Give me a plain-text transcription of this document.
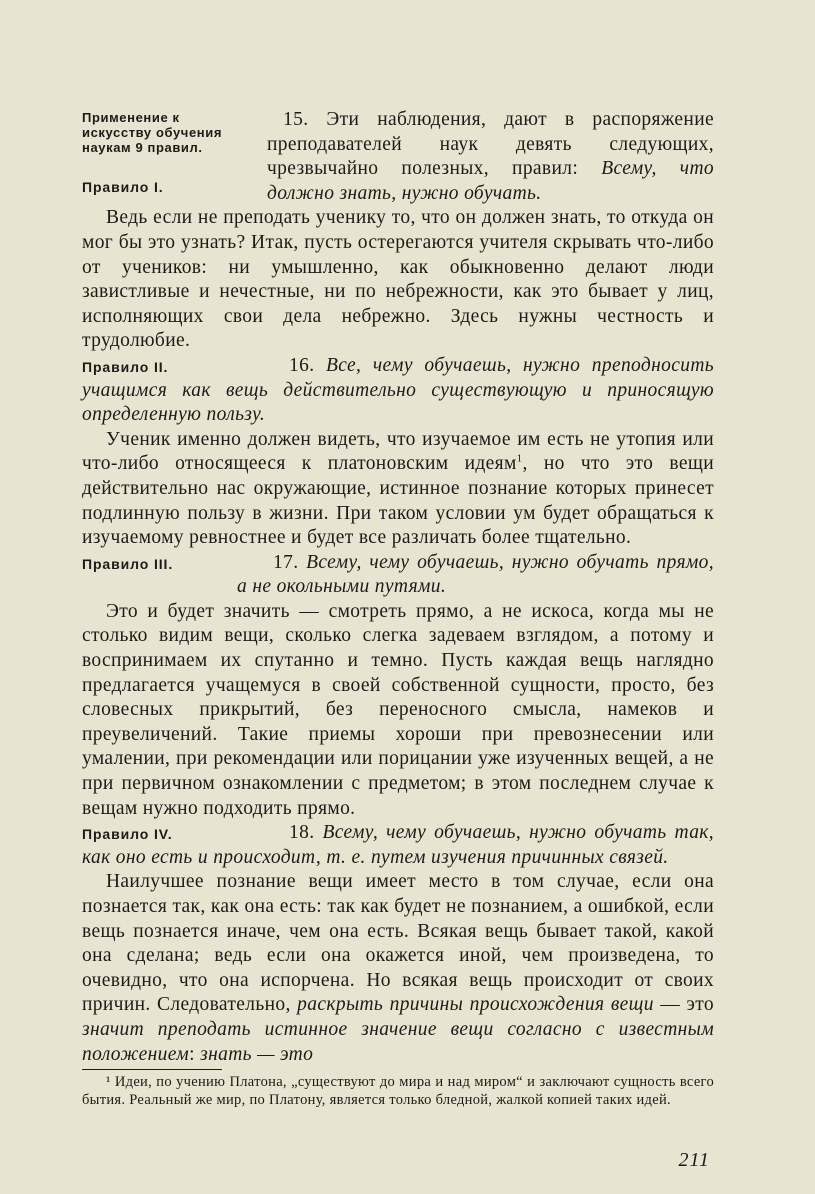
Применение к искусству обучения наукам 9 правил.
Правило I.

15. Эти наблюдения, дают в распоряжение преподавателей наук девять следующих, чрезвычайно полезных, правил: Всему, что должно знать, нужно обучать.

Ведь если не преподать ученику то, что он должен знать, то откуда он мог бы это узнать? Итак, пусть остерегаются учителя скрывать что-либо от учеников: ни умышленно, как обыкновенно делают люди завистливые и нечестные, ни по небрежности, как это бывает у лиц, исполняющих свои дела небрежно. Здесь нужны честность и трудолюбие.

Правило II.	16. Все, чему обучаешь, нужно преподносить учащимся как вещь действительно существующую и приносящую определенную пользу.

Ученик именно должен видеть, что изучаемое им есть не утопия или что-либо относящееся к платоновским идеям$^1$, но что это вещи действительно нас окружающие, истинное познание которых принесет подлинную пользу в жизни. При таком условии ум будет обращаться к изучаемому ревностнее и будет все различать более тщательно.

Правило III.	17. Всему, чему обучаешь, нужно обучать прямо, а не окольными путями.

Это и будет значить — смотреть прямо, а не искоса, когда мы не столько видим вещи, сколько слегка задеваем взглядом, а потому и воспринимаем их спутанно и темно. Пусть каждая вещь наглядно предлагается учащемуся в своей собственной сущности, просто, без словесных прикрытий, без переносного смысла, намеков и преувеличений. Такие приемы хороши при превознесении или умалении, при рекомендации или порицании уже изученных вещей, а не при первичном ознакомлении с предметом; в этом последнем случае к вещам нужно подходить прямо.

Правило IV.	18. Всему, чему обучаешь, нужно обучать так, как оно есть и происходит, т. е. путем изучения причинных связей.

Наилучшее познание вещи имеет место в том случае, если она познается так, как она есть: так как будет не познанием, а ошибкой, если вещь познается иначе, чем она есть. Всякая вещь бывает такой, какой она сделана; ведь если она окажется иной, чем произведена, то очевидно, что она испорчена. Но всякая вещь происходит от своих причин. Следовательно, раскрыть причины происхождения вещи — это значит преподать истинное значение вещи согласно с известным положением: знать — это

¹ Идеи, по учению Платона, „существуют до мира и над миром“ и заключают сущность всего бытия. Реальный же мир, по Платону, является только бледной, жалкой копией таких идей.

211
